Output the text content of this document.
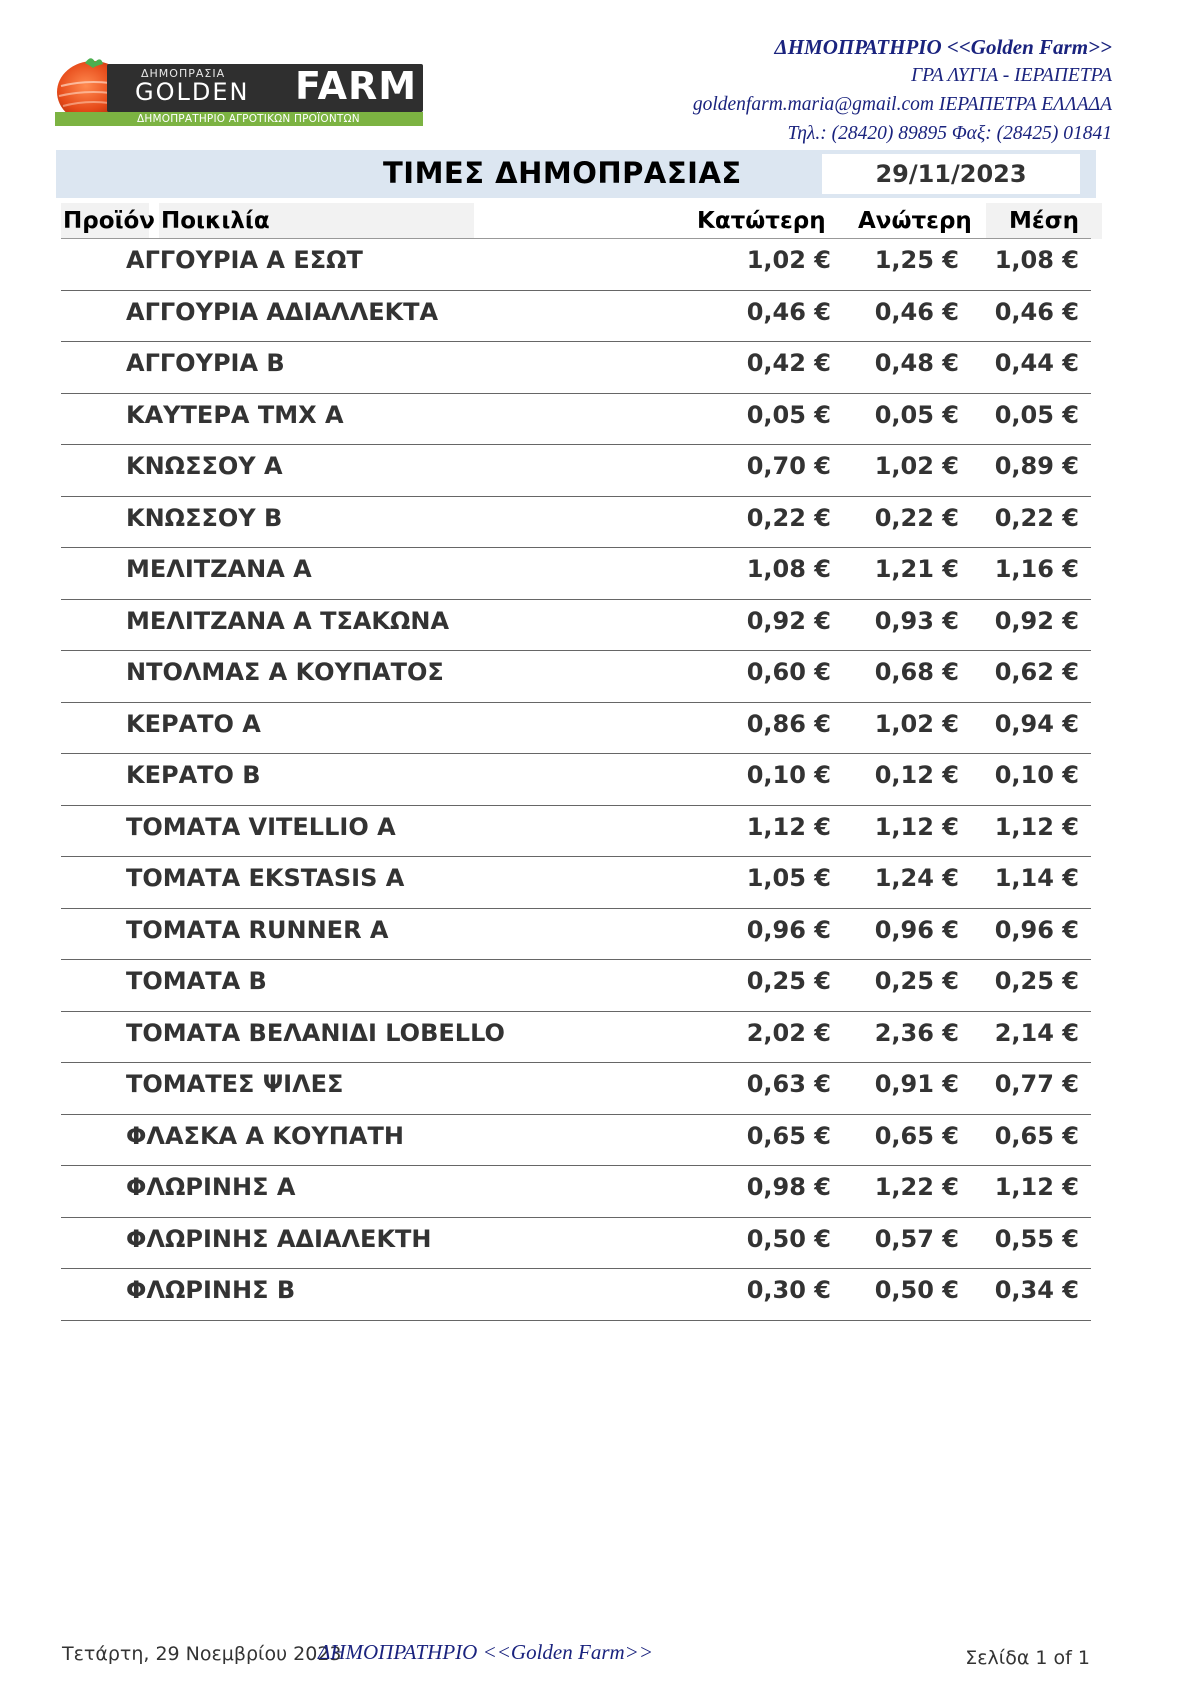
ΔΗΜΟΠΡΑΣΙΑ
GOLDEN FARM
ΔΗΜΟΠΡΑΤΗΡΙΟ ΑΓΡΟΤΙΚΩΝ ΠΡΟΪΟΝΤΩΝ
ΔΗΜΟΠΡΑΤΗΡΙΟ <<Golden Farm>>
ΓΡΑ ΛΥΓΙΑ - ΙΕΡΑΠΕΤΡΑ
goldenfarm.maria@gmail.com ΙΕΡΑΠΕΤΡΑ ΕΛΛΑΔΑ
Τηλ.: (28420) 89895 Φαξ: (28425) 01841
ΤΙΜΕΣ ΔΗΜΟΠΡΑΣΙΑΣ	29/11/2023
Προϊόν Ποικιλία	Κατώτερη	Ανώτερη	Μέση
ΑΓΓΟΥΡΙΑ Α ΕΣΩΤ	1,02 € 1,25 € 1,08 €
ΑΓΓΟΥΡΙΑ ΑΔΙΑΛΛΕΚΤΑ	0,46 € 0,46 € 0,46 €
ΑΓΓΟΥΡΙΑ Β	0,42 € 0,48 € 0,44 €
ΚΑΥΤΕΡΑ ΤΜΧ Α	0,05 € 0,05 € 0,05 €
ΚΝΩΣΣΟΥ Α	0,70 € 1,02 € 0,89 €
ΚΝΩΣΣΟΥ Β	0,22 € 0,22 € 0,22 €
ΜΕΛΙΤΖΑΝΑ Α	1,08 € 1,21 € 1,16 €
ΜΕΛΙΤΖΑΝΑ Α ΤΣΑΚΩΝΑ	0,92 € 0,93 € 0,92 €
ΝΤΟΛΜΑΣ Α ΚΟΥΠΑΤΟΣ	0,60 € 0,68 € 0,62 €
ΚΕΡΑΤΟ Α	0,86 € 1,02 € 0,94 €
ΚΕΡΑΤΟ Β	0,10 € 0,12 € 0,10 €
ΤΟΜΑΤΑ VITELLIO A	1,12 € 1,12 € 1,12 €
ΤΟΜΑΤΑ EKSTASIS A	1,05 € 1,24 € 1,14 €
ΤΟΜΑΤΑ RUNNER A	0,96 € 0,96 € 0,96 €
ΤΟΜΑΤΑ Β	0,25 € 0,25 € 0,25 €
ΤΟΜΑΤΑ ΒΕΛΑΝΙΔΙ LOBELLO	2,02 € 2,36 € 2,14 €
ΤΟΜΑΤΕΣ ΨΙΛΕΣ	0,63 € 0,91 € 0,77 €
ΦΛΑΣΚΑ Α ΚΟΥΠΑΤΗ	0,65 € 0,65 € 0,65 €
ΦΛΩΡΙΝΗΣ Α	0,98 € 1,22 € 1,12 €
ΦΛΩΡΙΝΗΣ ΑΔΙΑΛΕΚΤΗ	0,50 € 0,57 € 0,55 €
ΦΛΩΡΙΝΗΣ Β	0,30 € 0,50 € 0,34 €
Τετάρτη, 29 Νοεμβρίου 2023
ΔΗΜΟΠΡΑΤΗΡΙΟ <<Golden Farm>>	Σελίδα 1 of 1
